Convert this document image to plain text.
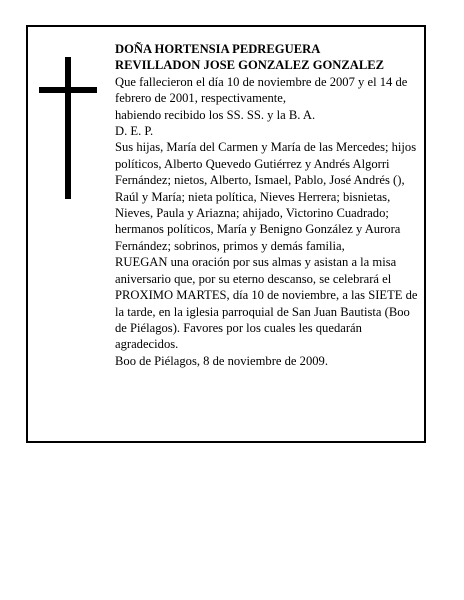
DOÑA HORTENSIA PEDREGUERA

REVILLADON JOSE GONZALEZ GONZALEZ

Que fallecieron el día 10 de noviembre de 2007 y el 14 de febrero de 2001, respectivamente,

habiendo recibido los SS. SS. y la B. A.

D. E. P.

Sus hijas, María del Carmen y María de las Mercedes; hijos políticos, Alberto Quevedo Gutiérrez y Andrés Algorri Fernández; nietos, Alberto, Ismael, Pablo, José Andrés (), Raúl y María; nieta política, Nieves Herrera; bisnietas, Nieves, Paula y Ariazna; ahijado, Victorino Cuadrado; hermanos políticos, María y Benigno González y Aurora Fernández; sobrinos, primos y demás familia,

RUEGAN una oración por sus almas y asistan a la misa aniversario que, por su eterno descanso, se celebrará el PROXIMO MARTES, día 10 de noviembre, a las SIETE de la tarde, en la iglesia parroquial de San Juan Bautista (Boo de Piélagos). Favores por los cuales les quedarán agradecidos.

Boo de Piélagos, 8 de noviembre de 2009.
